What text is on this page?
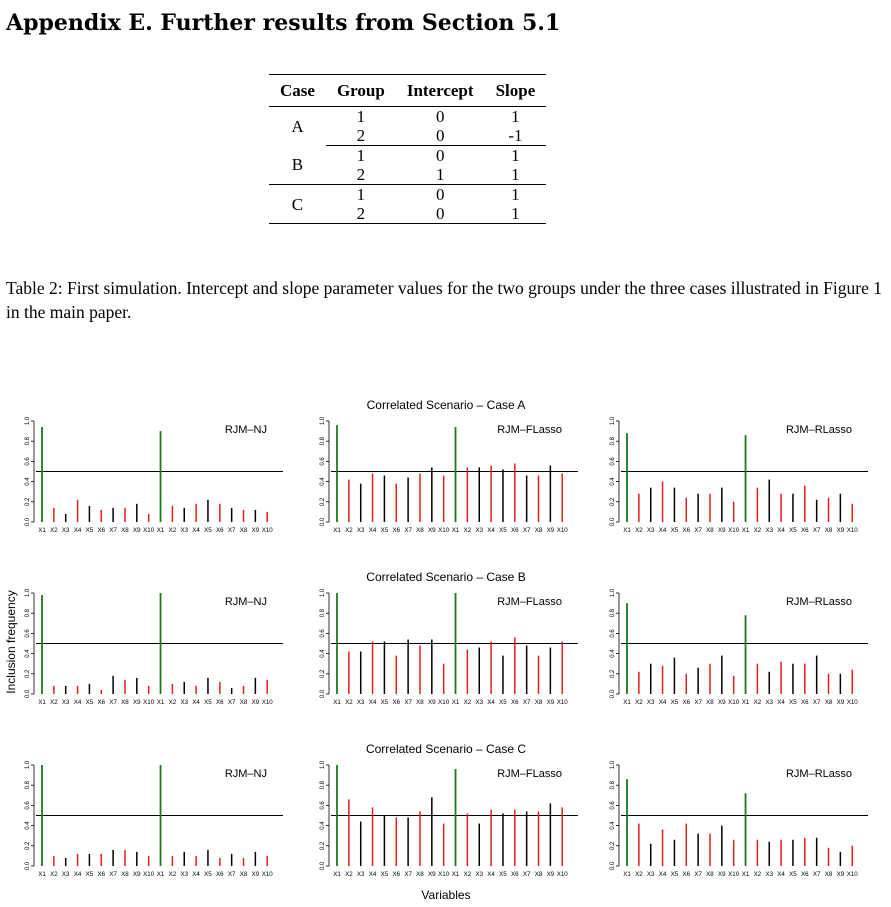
Appendix E. Further results from Section 5.1
Case	Group	Intercept	Slope
A	1	0	1
	2	0	-1
B	1	0	1
	2	1	1
C	1	0	1
	2	0	1
Table 2: First simulation. Intercept and slope parameter values for the two groups under the three cases illustrated in Figure 1 in the main paper.
Correlated Scenario – Case A
Correlated Scenario – Case B
Correlated Scenario – Case C
0.0
0.2
0.4
0.6
0.8
1.0
X1 X2 X3 X4 X5 X6 X7 X8 X9 X10 X1 X2 X3 X4 X5 X6 X7 X8 X9 X10
RJM–NJ
0.0
0.2
0.4
0.6
0.8
1.0
X1 X2 X3 X4 X5 X6 X7 X8 X9 X10 X1 X2 X3 X4 X5 X6 X7 X8 X9 X10
RJM–FLasso
0.0
0.2
0.4
0.6
0.8
1.0
X1 X2 X3 X4 X5 X6 X7 X8 X9 X10 X1 X2 X3 X4 X5 X6 X7 X8 X9 X10
RJM–RLasso
0.0
0.2
0.4
0.6
0.8
1.0
X1 X2 X3 X4 X5 X6 X7 X8 X9 X10 X1 X2 X3 X4 X5 X6 X7 X8 X9 X10
RJM–NJ
0.0
0.2
0.4
0.6
0.8
1.0
X1 X2 X3 X4 X5 X6 X7 X8 X9 X10 X1 X2 X3 X4 X5 X6 X7 X8 X9 X10
RJM–FLasso
0.0
0.2
0.4
0.6
0.8
1.0
X1 X2 X3 X4 X5 X6 X7 X8 X9 X10 X1 X2 X3 X4 X5 X6 X7 X8 X9 X10
RJM–RLasso
0.0
0.2
0.4
0.6
0.8
1.0
X1 X2 X3 X4 X5 X6 X7 X8 X9 X10 X1 X2 X3 X4 X5 X6 X7 X8 X9 X10
RJM–NJ
0.0
0.2
0.4
0.6
0.8
1.0
X1 X2 X3 X4 X5 X6 X7 X8 X9 X10 X1 X2 X3 X4 X5 X6 X7 X8 X9 X10
RJM–FLasso
0.0
0.2
0.4
0.6
0.8
1.0
X1 X2 X3 X4 X5 X6 X7 X8 X9 X10 X1 X2 X3 X4 X5 X6 X7 X8 X9 X10
RJM–RLasso
Inclusion frequency
Variables
